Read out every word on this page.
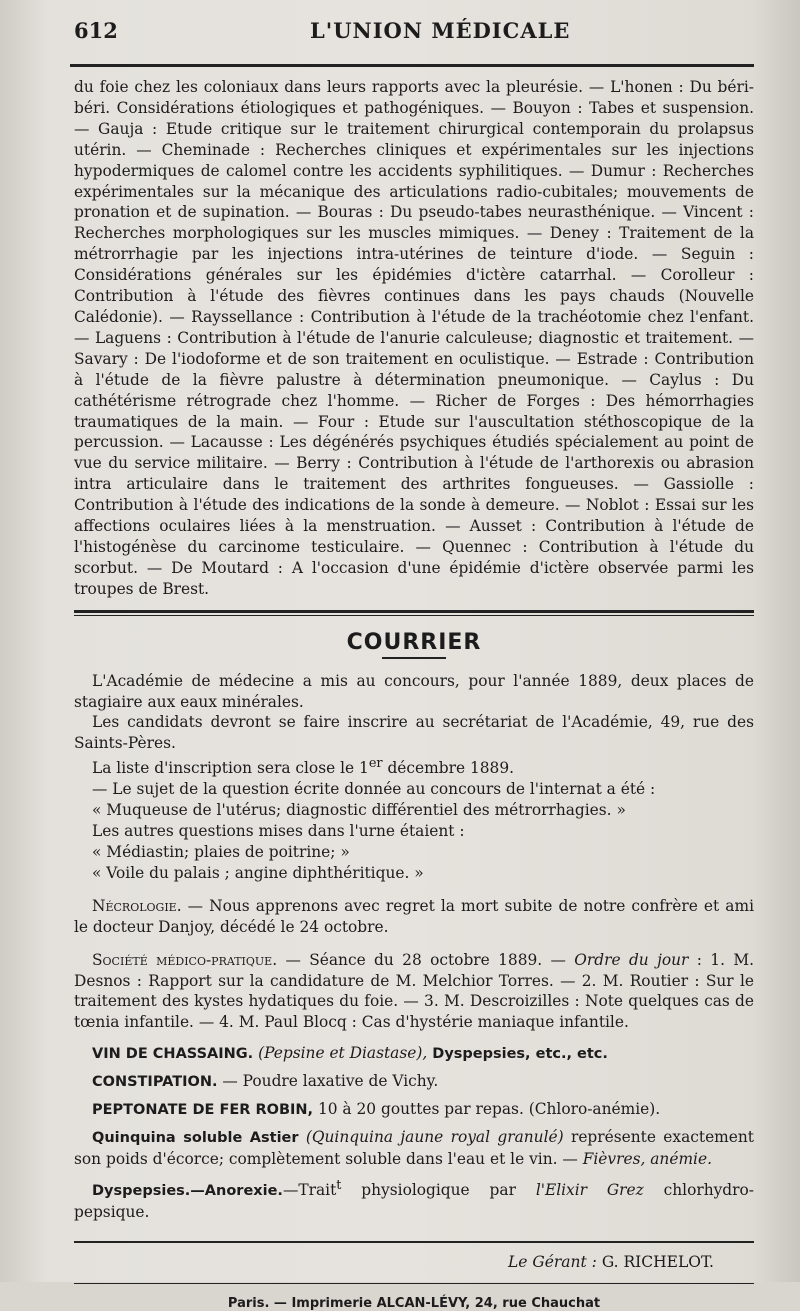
612	L'UNION MÉDICALE

du foie chez les coloniaux dans leurs rapports avec la pleurésie. — L'honen : Du béri-béri. Considérations étiologiques et pathogéniques. — Bouyon : Tabes et suspension. — Gauja : Etude critique sur le traitement chirurgical contemporain du prolapsus utérin. — Cheminade : Recherches cliniques et expérimentales sur les injections hypodermiques de calomel contre les accidents syphilitiques. — Dumur : Recherches expérimentales sur la mécanique des articulations radio-cubitales; mouvements de pronation et de supination. — Bouras : Du pseudo-tabes neurasthénique. — Vincent : Recherches morphologiques sur les muscles mimiques. — Deney : Traitement de la métrorrhagie par les injections intra-utérines de teinture d'iode. — Seguin : Considérations générales sur les épidémies d'ictère catarrhal. — Corolleur : Contribution à l'étude des fièvres continues dans les pays chauds (Nouvelle Calédonie). — Rayssellance : Contribution à l'étude de la trachéotomie chez l'enfant. — Laguens : Contribution à l'étude de l'anurie calculeuse; diagnostic et traitement. — Savary : De l'iodoforme et de son traitement en oculistique. — Estrade : Contribution à l'étude de la fièvre palustre à détermination pneumonique. — Caylus : Du cathétérisme rétrograde chez l'homme. — Richer de Forges : Des hémorrhagies traumatiques de la main. — Four : Etude sur l'auscultation stéthoscopique de la percussion. — Lacausse : Les dégénérés psychiques étudiés spécialement au point de vue du service militaire. — Berry : Contribution à l'étude de l'arthorexis ou abrasion intra articulaire dans le traitement des arthrites fongueuses. — Gassiolle : Contribution à l'étude des indications de la sonde à demeure. — Noblot : Essai sur les affections oculaires liées à la menstruation. — Ausset : Contribution à l'étude de l'histogénèse du carcinome testiculaire. — Quennec : Contribution à l'étude du scorbut. — De Moutard : A l'occasion d'une épidémie d'ictère observée parmi les troupes de Brest.

COURRIER

L'Académie de médecine a mis au concours, pour l'année 1889, deux places de stagiaire aux eaux minérales.

Les candidats devront se faire inscrire au secrétariat de l'Académie, 49, rue des Saints-Pères.

La liste d'inscription sera close le 1er décembre 1889.

— Le sujet de la question écrite donnée au concours de l'internat a été :

« Muqueuse de l'utérus; diagnostic différentiel des métrorrhagies. »

Les autres questions mises dans l'urne étaient :

« Médiastin; plaies de poitrine; »

« Voile du palais ; angine diphthéritique. »

Nécrologie. — Nous apprenons avec regret la mort subite de notre confrère et ami le docteur Danjoy, décédé le 24 octobre.

Société médico-pratique. — Séance du 28 octobre 1889. — Ordre du jour : 1. M. Desnos : Rapport sur la candidature de M. Melchior Torres. — 2. M. Routier : Sur le traitement des kystes hydatiques du foie. — 3. M. Descroizilles : Note quelques cas de tœnia infantile. — 4. M. Paul Blocq : Cas d'hystérie maniaque infantile.

VIN DE CHASSAING. (Pepsine et Diastase), Dyspepsies, etc., etc.

CONSTIPATION. — Poudre laxative de Vichy.

PEPTONATE DE FER ROBIN, 10 à 20 gouttes par repas. (Chloro-anémie).

Quinquina soluble Astier (Quinquina jaune royal granulé) représente exactement son poids d'écorce; complètement soluble dans l'eau et le vin. — Fièvres, anémie.

Dyspepsies.—Anorexie.—Trait$^t$ physiologique par l'Elixir Grez chlorhydro-pepsique.

Le Gérant : G. RICHELOT.
Paris. — Imprimerie ALCAN-LÉVY, 24, rue Chauchat
